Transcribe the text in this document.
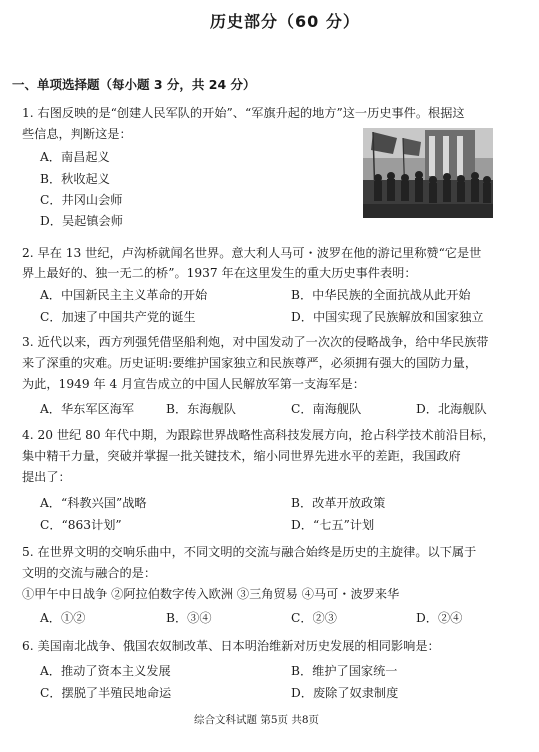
历史部分（60 分）
一、单项选择题（每小题 3 分，共 24 分）
1. 右图反映的是“创建人民军队的开始”、“军旗升起的地方”这一历史事件。根据这
些信息，判断这是：
A．南昌起义
B．秋收起义
C．井冈山会师
D．吴起镇会师
2. 早在 13 世纪，卢沟桥就闻名世界。意大利人马可・波罗在他的游记里称赞“它是世
界上最好的、独一无二的桥”。1937 年在这里发生的重大历史事件表明：
A．中国新民主主义革命的开始	B．中华民族的全面抗战从此开始
C．加速了中国共产党的诞生	D．中国实现了民族解放和国家独立
3. 近代以来，西方列强凭借坚船利炮，对中国发动了一次次的侵略战争，给中华民族带
来了深重的灾难。历史证明:要维护国家独立和民族尊严，必须拥有强大的国防力量，
为此，1949 年 4 月宣告成立的中国人民解放军第一支海军是：
A．华东军区海军	B．东海舰队	C．南海舰队	D．北海舰队
4. 20 世纪 80 年代中期，为跟踪世界战略性高科技发展方向，抢占科学技术前沿目标，
集中精干力量，突破并掌握一批关键技术，缩小同世界先进水平的差距，我国政府
提出了：
A．“科教兴国”战略	B．改革开放政策
C．“863计划”	D．“七五”计划
5. 在世界文明的交响乐曲中，不同文明的交流与融合始终是历史的主旋律。以下属于
文明的交流与融合的是：
①甲午中日战争 ②阿拉伯数字传入欧洲 ③三角贸易 ④马可・波罗来华
A．①②	B．③④	C．②③	D．②④
6. 美国南北战争、俄国农奴制改革、日本明治维新对历史发展的相同影响是：
A．推动了资本主义发展	B．维护了国家统一
C．摆脱了半殖民地命运	D．废除了奴隶制度
综合文科试题 第5页 共8页
